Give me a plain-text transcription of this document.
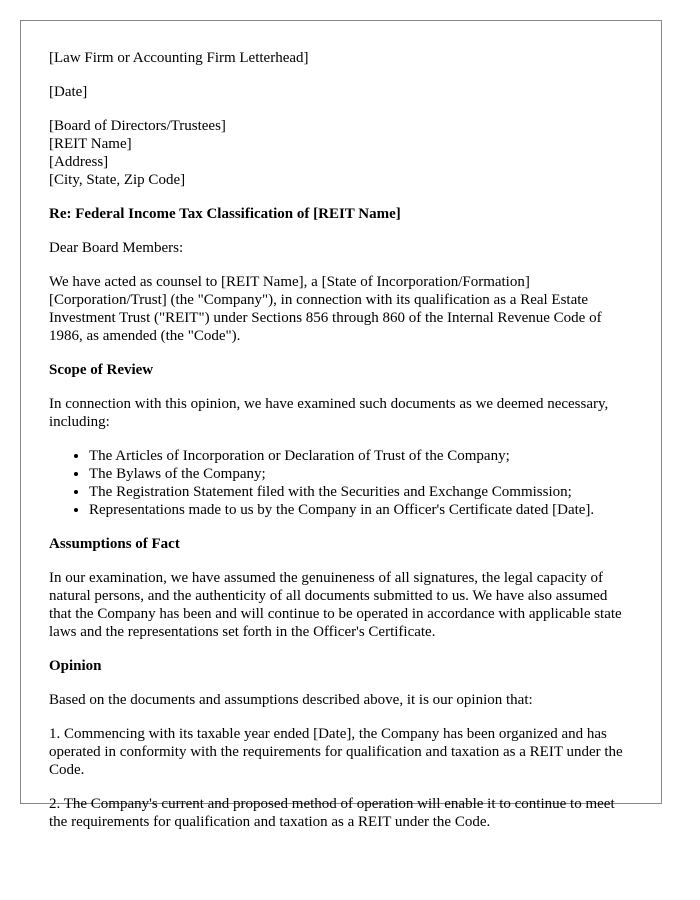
[Law Firm or Accounting Firm Letterhead]

[Date]

[Board of Directors/Trustees]
[REIT Name]
[Address]
[City, State, Zip Code]

Re: Federal Income Tax Classification of [REIT Name]

Dear Board Members:

We have acted as counsel to [REIT Name], a [State of Incorporation/Formation] [Corporation/Trust] (the "Company"), in connection with its qualification as a Real Estate Investment Trust ("REIT") under Sections 856 through 860 of the Internal Revenue Code of 1986, as amended (the "Code").

Scope of Review

In connection with this opinion, we have examined such documents as we deemed necessary, including:

• The Articles of Incorporation or Declaration of Trust of the Company;
• The Bylaws of the Company;
• The Registration Statement filed with the Securities and Exchange Commission;
• Representations made to us by the Company in an Officer's Certificate dated [Date].

Assumptions of Fact

In our examination, we have assumed the genuineness of all signatures, the legal capacity of natural persons, and the authenticity of all documents submitted to us. We have also assumed that the Company has been and will continue to be operated in accordance with applicable state laws and the representations set forth in the Officer's Certificate.

Opinion

Based on the documents and assumptions described above, it is our opinion that:

1. Commencing with its taxable year ended [Date], the Company has been organized and has operated in conformity with the requirements for qualification and taxation as a REIT under the Code.

2. The Company's current and proposed method of operation will enable it to continue to meet the requirements for qualification and taxation as a REIT under the Code.
